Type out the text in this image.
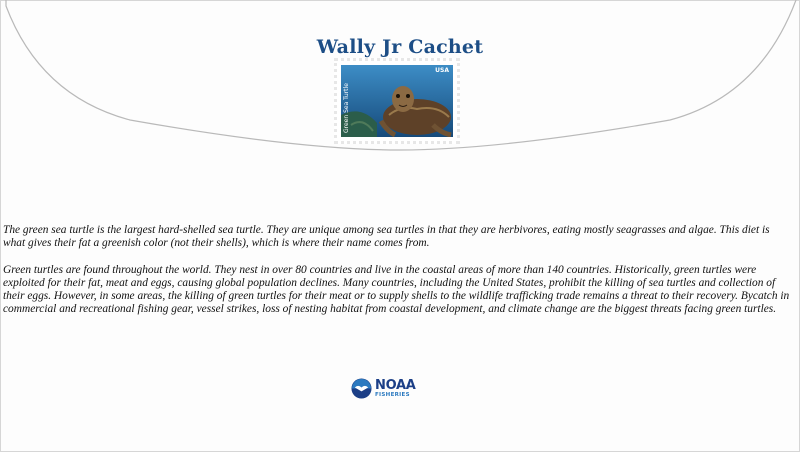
Wally Jr Cachet
USA
Green Sea Turtle

The green sea turtle is the largest hard-shelled sea turtle. They are unique among sea turtles in that they are herbivores, eating mostly seagrasses and algae. This diet is what gives their fat a greenish color (not their shells), which is where their name comes from.

Green turtles are found throughout the world. They nest in over 80 countries and live in the coastal areas of more than 140 countries. Historically, green turtles were exploited for their fat, meat and eggs, causing global population declines. Many countries, including the United States, prohibit the killing of sea turtles and collection of their eggs. However, in some areas, the killing of green turtles for their meat or to supply shells to the wildlife trafficking trade remains a threat to their recovery. Bycatch in commercial and recreational fishing gear, vessel strikes, loss of nesting habitat from coastal development, and climate change are the biggest threats facing green turtles.

NOAA
FISHERIES
